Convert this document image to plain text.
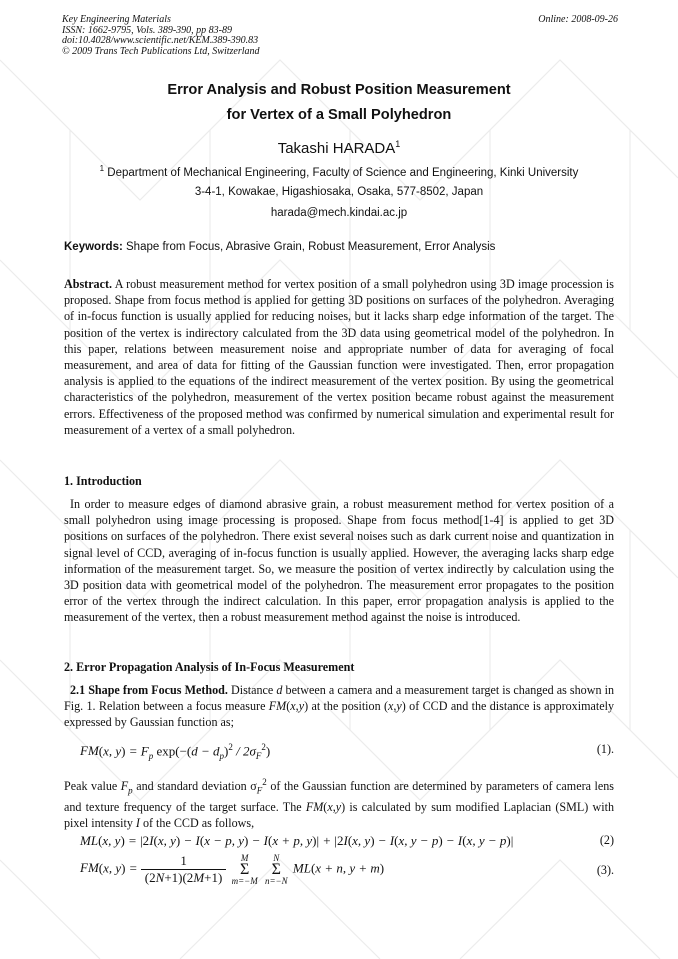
Key Engineering Materials
ISSN: 1662-9795, Vols. 389-390, pp 83-89
doi:10.4028/www.scientific.net/KEM.389-390.83
© 2009 Trans Tech Publications Ltd, Switzerland
Online: 2008-09-26
Error Analysis and Robust Position Measurement
for Vertex of a Small Polyhedron
Takashi HARADA$^1$
$^1$ Department of Mechanical Engineering, Faculty of Science and Engineering, Kinki University
3-4-1, Kowakae, Higashiosaka, Osaka, 577-8502, Japan
harada@mech.kindai.ac.jp
Keywords: Shape from Focus, Abrasive Grain, Robust Measurement, Error Analysis

Abstract. A robust measurement method for vertex position of a small polyhedron using 3D image procession is proposed. Shape from focus method is applied for getting 3D positions on surfaces of the polyhedron. Averaging of in-focus function is usually applied for reducing noises, but it lacks sharp edge information of the target. The position of the vertex is indirectory calculated from the 3D data using geometrical model of the polyhedron. In this paper, relations between measurement noise and appropriate number of data for averaging of focal measurement, and area of data for fitting of the Gaussian function were investigated. Then, error propagation analysis is applied to the equations of the indirect measurement of the vertex position. By using the geometrical characteristics of the polyhedron, measurement of the vertex position became robust against the measurement errors. Effectiveness of the proposed method was confirmed by numerical simulation and experimental result for measurement of a vertex of a small polyhedron.

1. Introduction

In order to measure edges of diamond abrasive grain, a robust measurement method for vertex position of a small polyhedron using image processing is proposed. Shape from focus method[1-4] is applied to get 3D positions on surfaces of the polyhedron. There exist several noises such as dark current noise and quantization in signal level of CCD, averaging of in-focus function is usually applied. However, the averaging lacks sharp edge information of the measurement target. So, we measure the position of vertex indirectly by calculation using the 3D position data with geometrical model of the polyhedron. The measurement error propagates to the position error of the vertex through the indirect calculation. In this paper, error propagation analysis is applied to the measurement of the vertex, then a robust measurement method against the noise is introduced.

2. Error Propagation Analysis of In-Focus Measurement

2.1 Shape from Focus Method. Distance d between a camera and a measurement target is changed as shown in Fig. 1. Relation between a focus measure FM(x,y) at the position (x,y) of CCD and the distance is approximately expressed by Gaussian function as;

FM(x, $y) = F_p$ $\exp(-(d - d_p)^2 / 2\sigma_F^2)$	(1).

Peak value $F_p$ and standard deviation $\sigma_F^2$ of the Gaussian function are determined by parameters of camera lens and texture frequency of the target surface. The FM(x,y) is calculated by sum modified Laplacian (SML) with pixel intensity I of the CCD as follows,

ML(x, y) = |2I(x, y) − I(x − p, y) − I(x + p, y)| + |2I(x, y) − I(x, y − p) − I(x, y − p)|	(2)
FM(x, $y) = \frac{1}{(2N+1)(2M+1)}$
	M
Σ
m=−M

N
Σ
n=−N
ML(x + n, y + m)	(3).
